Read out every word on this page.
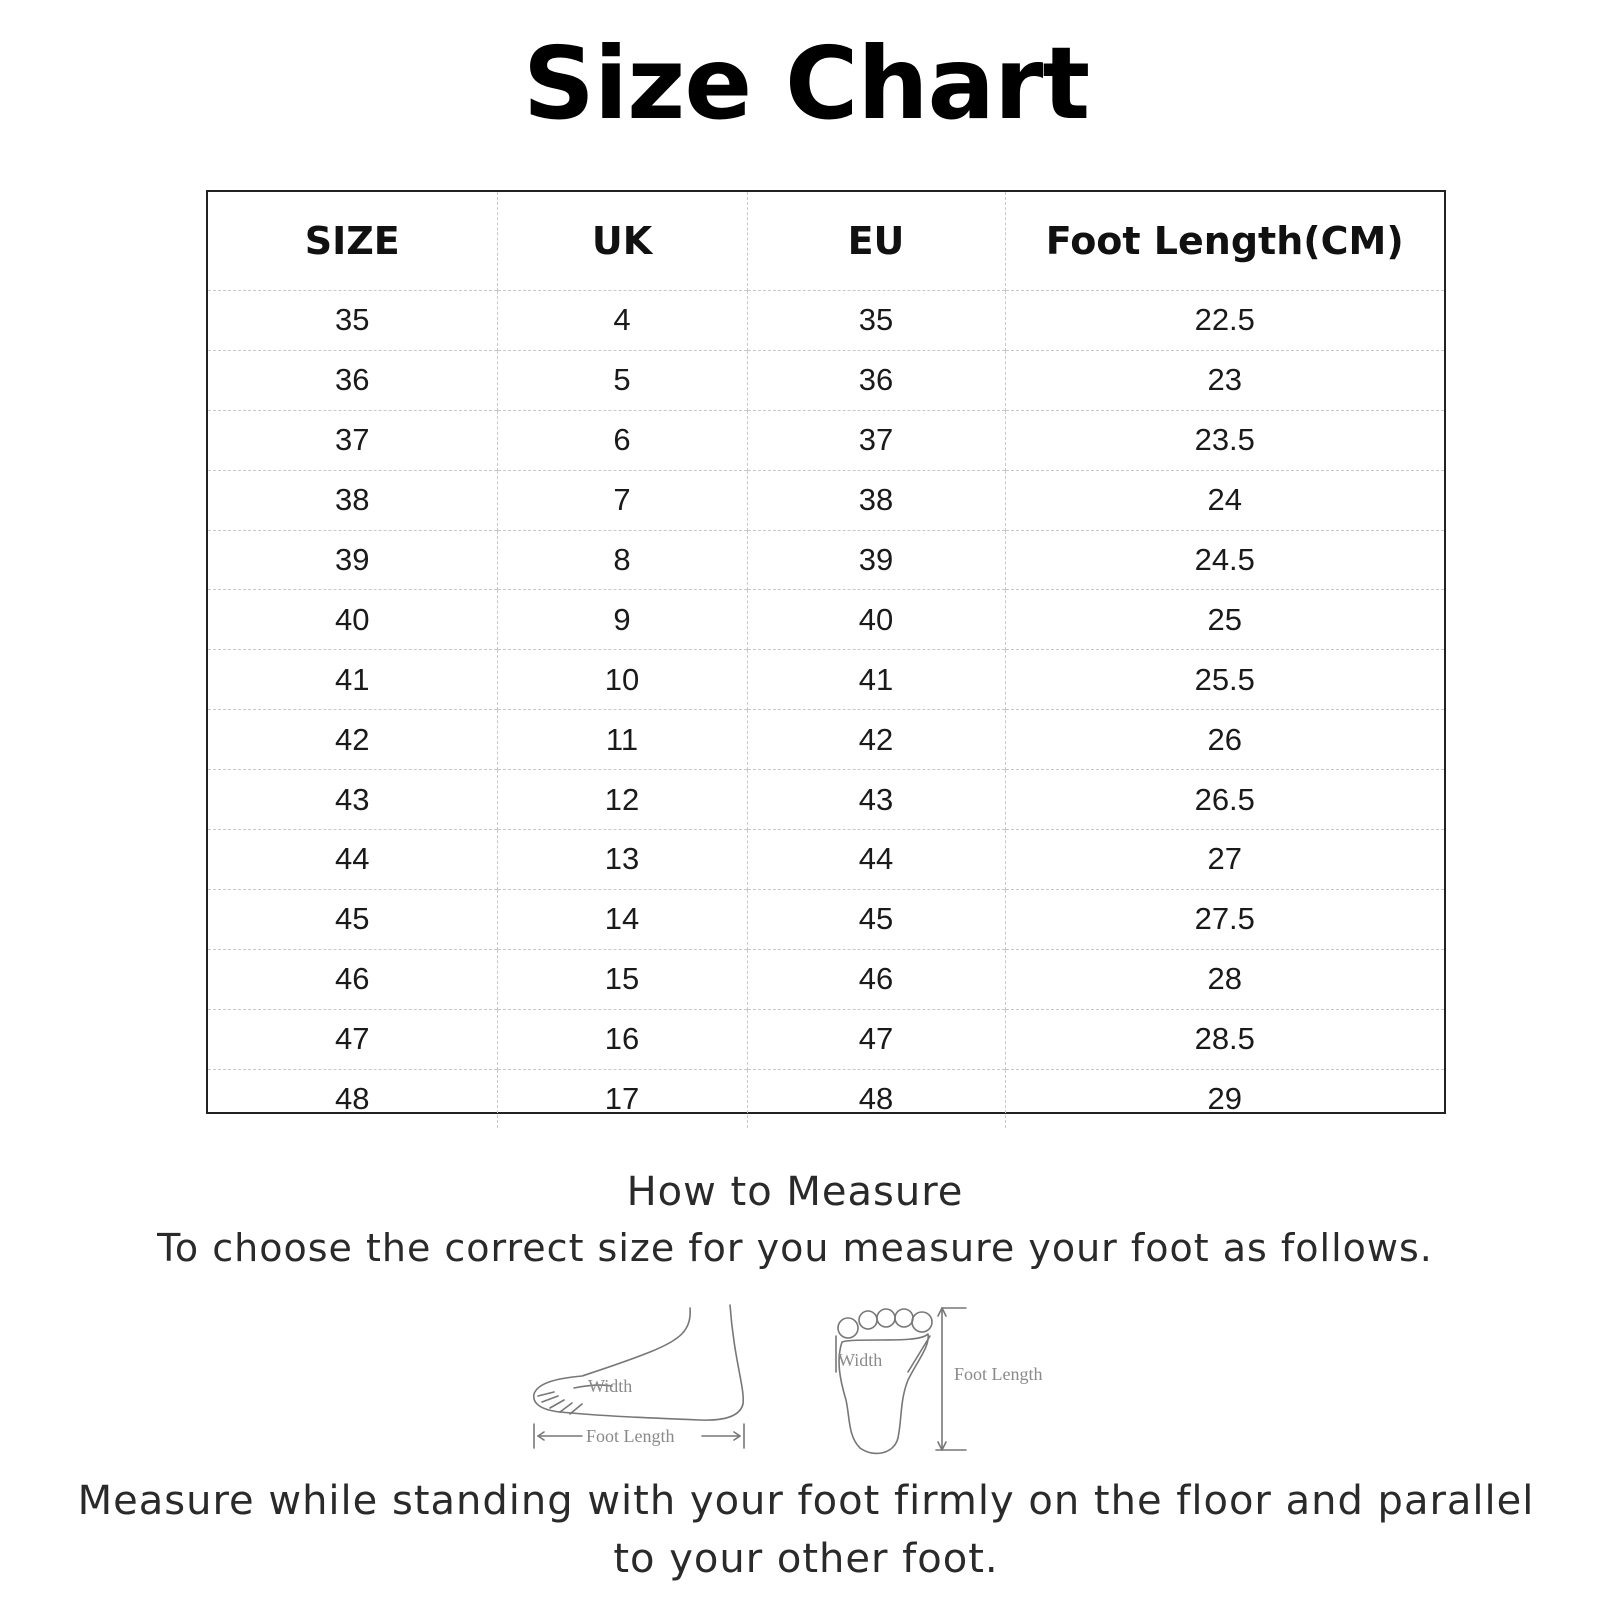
Size Chart
SIZE	UK	EU	Foot Length(CM)
35	4	35	22.5
36	5	36	23
37	6	37	23.5
38	7	38	24
39	8	39	24.5
40	9	40	25
41	10	41	25.5
42	11	42	26
43	12	43	26.5
44	13	44	27
45	14	45	27.5
46	15	46	28
47	16	47	28.5
48	17	48	29
How to Measure
To choose the correct size for you measure your foot as follows.
Width
Foot Length
Width
Foot Length
Measure while standing with your foot firmly on the floor and parallel
to your other foot.
